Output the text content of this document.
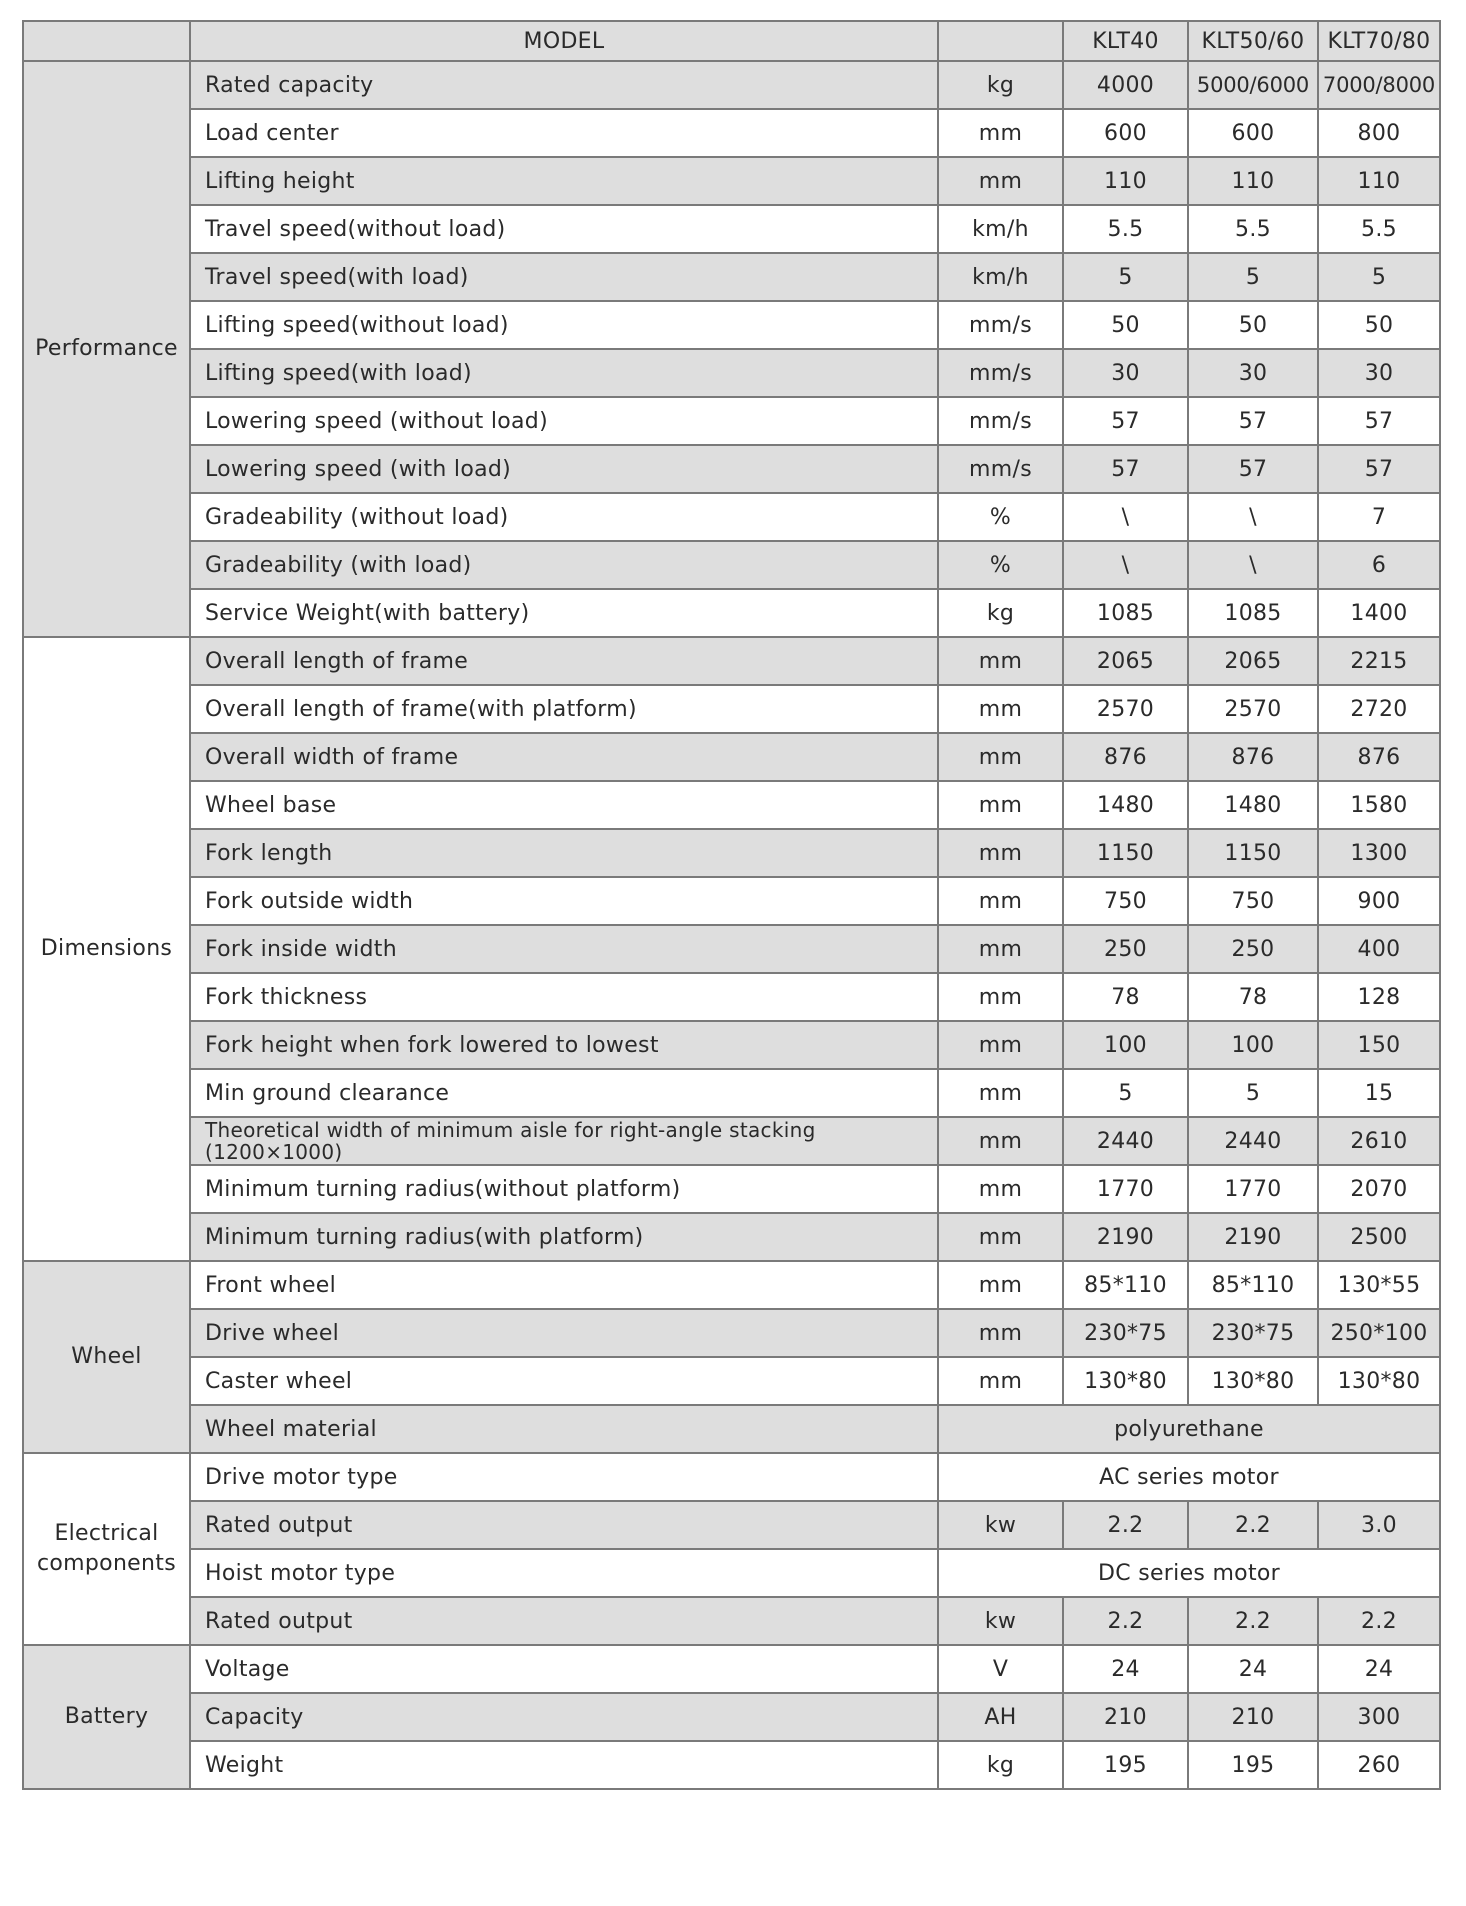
	MODEL		KLT40	KLT50/60	KLT70/80
Performance	Rated capacity	kg	4000	5000/6000	7000/8000
	Load center	mm	600	600	800
	Lifting height	mm	110	110	110
	Travel speed(without load)	km/h	5.5	5.5	5.5
	Travel speed(with load)	km/h	5	5	5
	Lifting speed(without load)	mm/s	50	50	50
	Lifting speed(with load)	mm/s	30	30	30
	Lowering speed (without load)	mm/s	57	57	57
	Lowering speed (with load)	mm/s	57	57	57
	Gradeability (without load)	%	\	\	7
	Gradeability (with load)	%	\	\	6
	Service Weight(with battery)	kg	1085	1085	1400
Dimensions	Overall length of frame	mm	2065	2065	2215
	Overall length of frame(with platform)	mm	2570	2570	2720
	Overall width of frame	mm	876	876	876
	Wheel base	mm	1480	1480	1580
	Fork length	mm	1150	1150	1300
	Fork outside width	mm	750	750	900
	Fork inside width	mm	250	250	400
	Fork thickness	mm	78	78	128
	Fork height when fork lowered to lowest	mm	100	100	150
	Min ground clearance	mm	5	5	15
	Theoretical width of minimum aisle for right-angle stacking (1200×1000)	mm	2440	2440	2610
	Minimum turning radius(without platform)	mm	1770	1770	2070
	Minimum turning radius(with platform)	mm	2190	2190	2500
Wheel	Front wheel	mm	85*110	85*110	130*55
	Drive wheel	mm	230*75	230*75	250*100
	Caster wheel	mm	130*80	130*80	130*80
	Wheel material	polyurethane			
Electrical components	Drive motor type	AC series motor			
	Rated output	kw	2.2	2.2	3.0
	Hoist motor type	DC series motor			
	Rated output	kw	2.2	2.2	2.2
Battery	Voltage	V	24	24	24
	Capacity	AH	210	210	300
	Weight	kg	195	195	260
